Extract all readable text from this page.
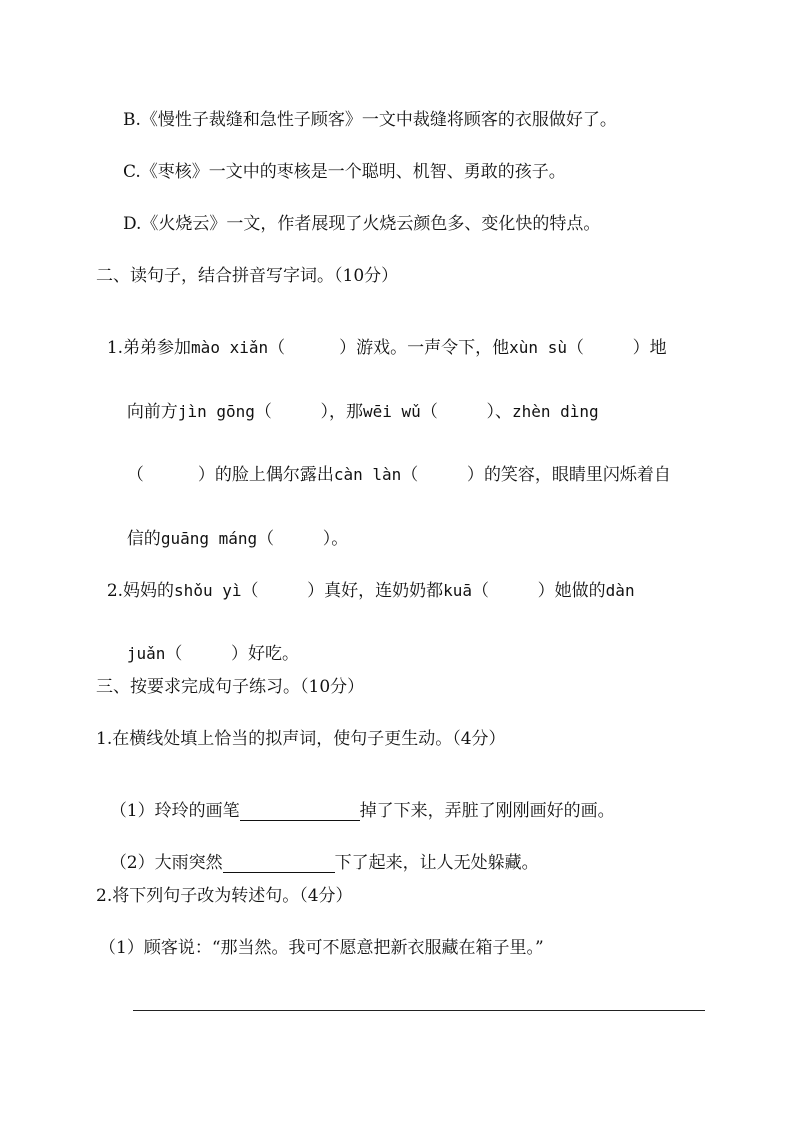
B.《慢性子裁缝和急性子顾客》一文中裁缝将顾客的衣服做好了。
C.《枣核》一文中的枣核是一个聪明、机智、勇敢的孩子。
D.《火烧云》一文，作者展现了火烧云颜色多、变化快的特点。
二、读句子，结合拼音写字词。（10分）

1.弟弟参加mào xiǎn（          ）游戏。一声令下，他xùn sù（         ）地

向前方jìn gōng（         ），那wēi wǔ（         ）、zhèn dìng

（          ）的脸上偶尔露出càn làn（         ）的笑容，眼睛里闪烁着自

信的guāng máng（         ）。

2.妈妈的shǒu yì（         ）真好，连奶奶都kuā（         ）她做的dàn

juǎn（         ）好吃。

三、按要求完成句子练习。（10分）
1.在横线处填上恰当的拟声词，使句子更生动。（4分）

（1）玲玲的画笔	掉了下来，弄脏了刚刚画好的画。

（2）大雨突然	下了起来，让人无处躲藏。

2.将下列句子改为转述句。（4分）
（1）顾客说：“那当然。我可不愿意把新衣服藏在箱子里。”
